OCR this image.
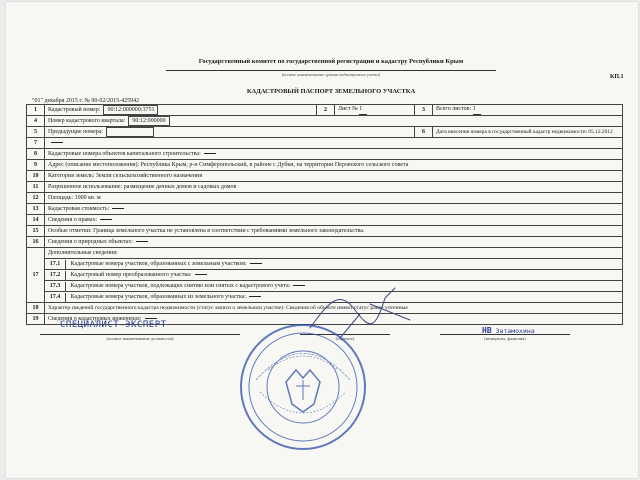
Государственный комитет по государственной регистрации и кадастру Республики Крым
(полное наименование органа кадастрового учета)	КП.1
КАДАСТРОВЫЙ ПАСПОРТ ЗЕМЕЛЬНОГО УЧАСТКА
"01" декабря 2015 г. № 90-02/2015-425942
1	Кадастровый номер: 90:12:000000:3751	2	Лист № 1	3	Всего листов: 1
4	Номер кадастрового квартала: 90:12:000000				
5	Предыдущие номера:			6	Дата внесения номера в государственный кадастр недвижимости: 05.12.2012
7					
8	Кадастровые номера объектов капитального строительства:				
9	Адрес (описание местоположения): Республика Крым, р-н Симферопольский, в районе с Дубки, на территории Перовского сельского совета				
10	Категория земель: Земли сельскохозяйственного назначения				
11	Разрешенное использование: размещение дачных домов и садовых домов				
12	Площадь: 1000 кв. м				
13	Кадастровая стоимость:				
14	Сведения о правах:				
15	Особые отметки: Граница земельного участка не установлена в соответствии с требованиями земельного законодательства.				
16	Сведения о природных объектах:				
17	Дополнительные сведения:				
	17.1 Кадастровые номера участков, образованных с земельным участком:				
	17.2 Кадастровый номер преобразованного участка:				
	17.3 Кадастровые номера участков, подлежащих снятию или снятых с кадастрового учета:				
	17.4 Кадастровые номера участков, образованных из земельного участка:				
18	Характер сведений государственного кадастра недвижимости (статус записи о земельном участке): Сведения об объекте имеют статус ранее учтенные				
19	Сведения о кадастровых инженерах:				
СПЕЦИАЛИСТ-ЭКСПЕРТ
(полное наименование должности)	(подпись)	(инициалы, фамилия)
НВ Затамохина
